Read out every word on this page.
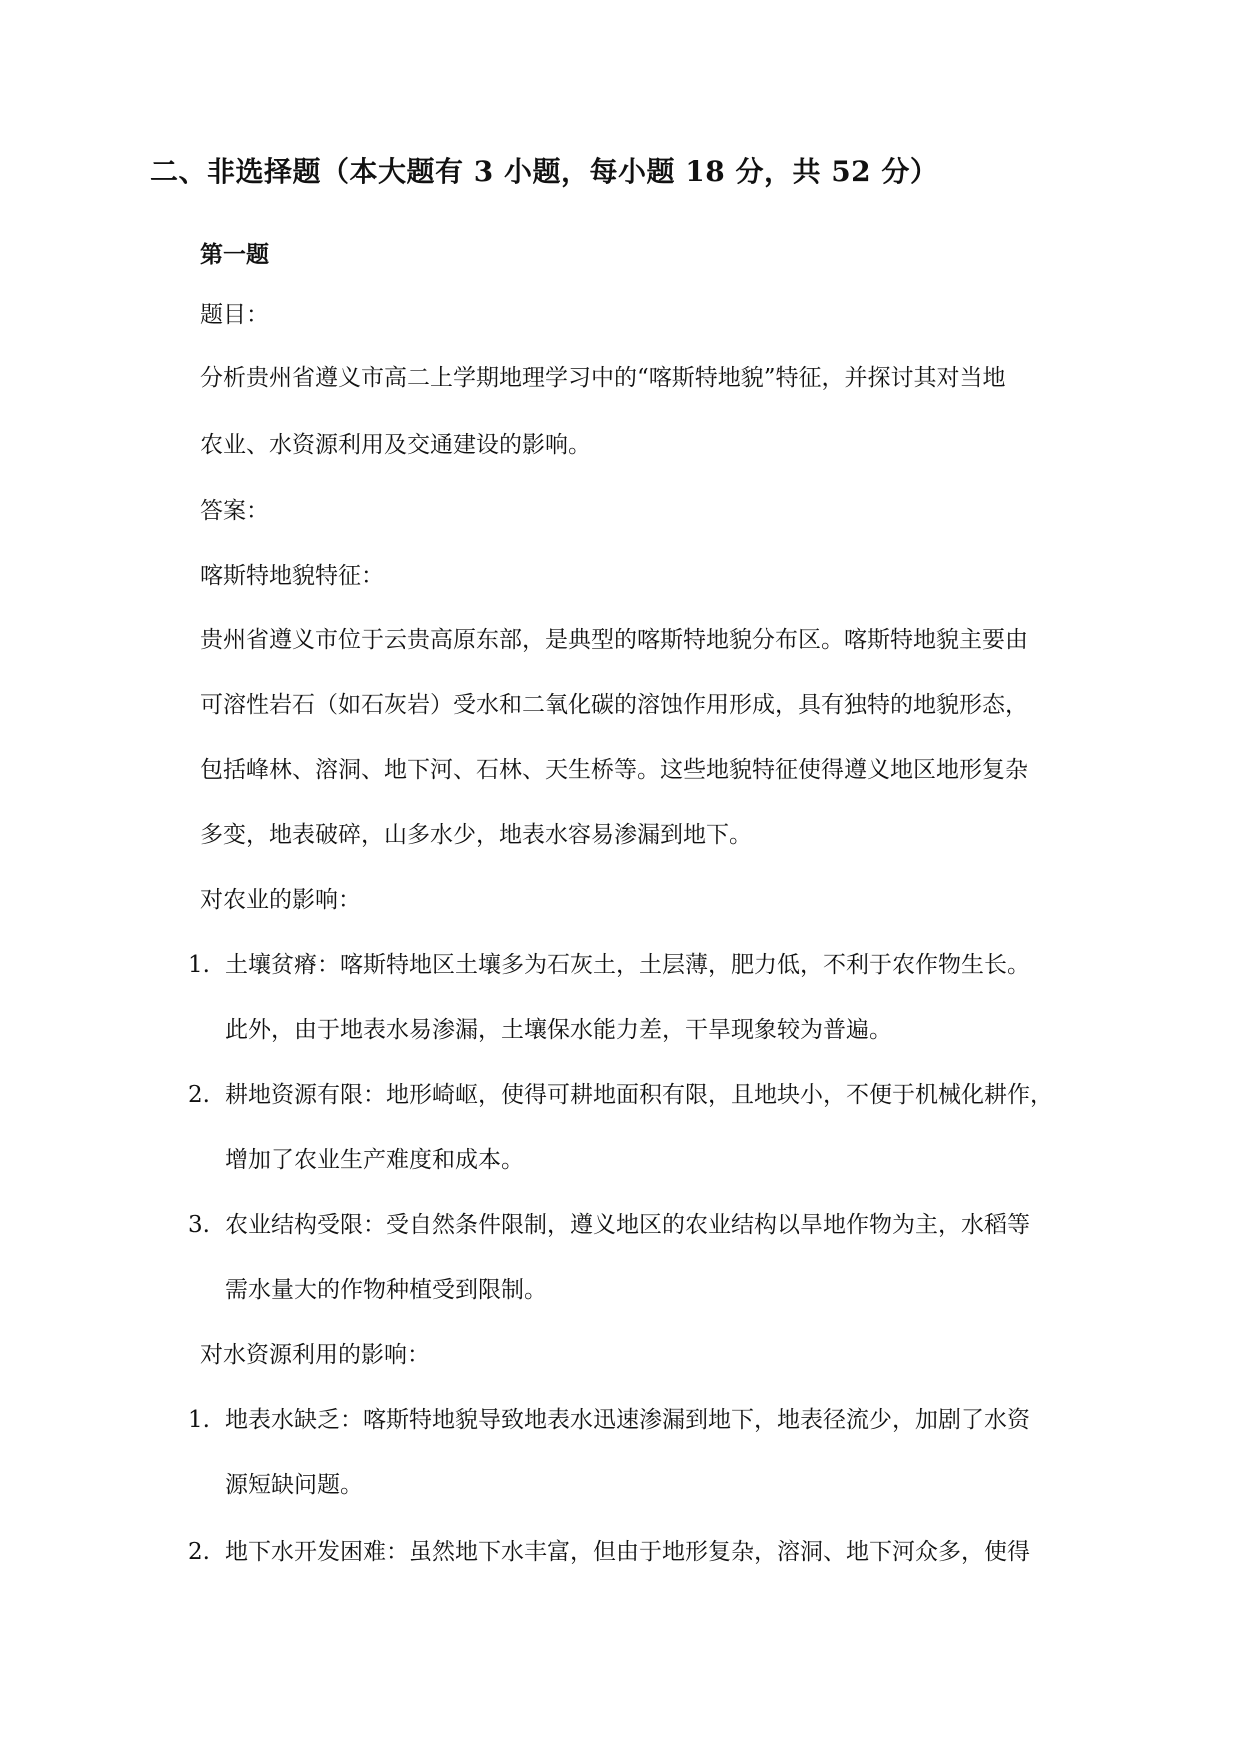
二、非选择题（本大题有 3 小题，每小题 18 分，共 52 分）
第一题
题目：
分析贵州省遵义市高二上学期地理学习中的“喀斯特地貌”特征，并探讨其对当地
农业、水资源利用及交通建设的影响。
答案：
喀斯特地貌特征：
贵州省遵义市位于云贵高原东部，是典型的喀斯特地貌分布区。喀斯特地貌主要由
可溶性岩石（如石灰岩）受水和二氧化碳的溶蚀作用形成，具有独特的地貌形态，
包括峰林、溶洞、地下河、石林、天生桥等。这些地貌特征使得遵义地区地形复杂
多变，地表破碎，山多水少，地表水容易渗漏到地下。
对农业的影响：
1. 土壤贫瘠：喀斯特地区土壤多为石灰土，土层薄，肥力低，不利于农作物生长。
此外，由于地表水易渗漏，土壤保水能力差，干旱现象较为普遍。
2. 耕地资源有限：地形崎岖，使得可耕地面积有限，且地块小，不便于机械化耕作，
增加了农业生产难度和成本。
3. 农业结构受限：受自然条件限制，遵义地区的农业结构以旱地作物为主，水稻等
需水量大的作物种植受到限制。
对水资源利用的影响：
1. 地表水缺乏：喀斯特地貌导致地表水迅速渗漏到地下，地表径流少，加剧了水资
源短缺问题。
2. 地下水开发困难：虽然地下水丰富，但由于地形复杂，溶洞、地下河众多，使得
